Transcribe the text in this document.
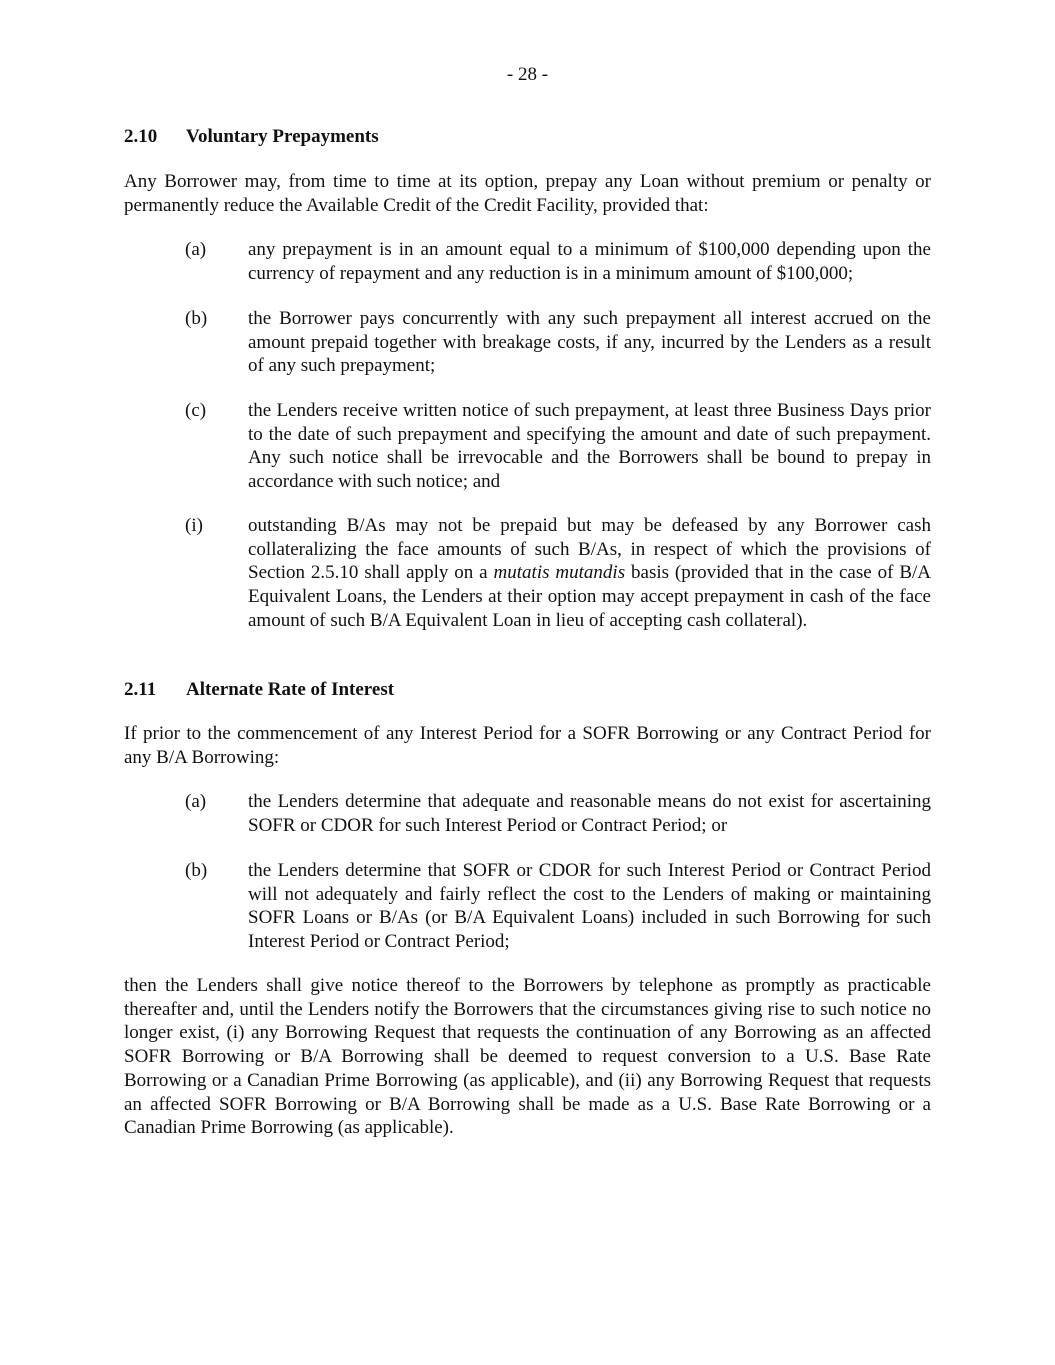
- 28 -
2.10 Voluntary Prepayments
Any Borrower may, from time to time at its option, prepay any Loan without premium or penalty or permanently reduce the Available Credit of the Credit Facility, provided that:
(a) any prepayment is in an amount equal to a minimum of $100,000 depending upon the currency of repayment and any reduction is in a minimum amount of $100,000;
(b) the Borrower pays concurrently with any such prepayment all interest accrued on the amount prepaid together with breakage costs, if any, incurred by the Lenders as a result of any such prepayment;
(c) the Lenders receive written notice of such prepayment, at least three Business Days prior to the date of such prepayment and specifying the amount and date of such prepayment. Any such notice shall be irrevocable and the Borrowers shall be bound to prepay in accordance with such notice; and
(i) outstanding B/As may not be prepaid but may be defeased by any Borrower cash collateralizing the face amounts of such B/As, in respect of which the provisions of Section 2.5.10 shall apply on a mutatis mutandis basis (provided that in the case of B/A Equivalent Loans, the Lenders at their option may accept prepayment in cash of the face amount of such B/A Equivalent Loan in lieu of accepting cash collateral).
2.11 Alternate Rate of Interest
If prior to the commencement of any Interest Period for a SOFR Borrowing or any Contract Period for any B/A Borrowing:
(a) the Lenders determine that adequate and reasonable means do not exist for ascertaining SOFR or CDOR for such Interest Period or Contract Period; or
(b) the Lenders determine that SOFR or CDOR for such Interest Period or Contract Period will not adequately and fairly reflect the cost to the Lenders of making or maintaining SOFR Loans or B/As (or B/A Equivalent Loans) included in such Borrowing for such Interest Period or Contract Period;
then the Lenders shall give notice thereof to the Borrowers by telephone as promptly as practicable thereafter and, until the Lenders notify the Borrowers that the circumstances giving rise to such notice no longer exist, (i) any Borrowing Request that requests the continuation of any Borrowing as an affected SOFR Borrowing or B/A Borrowing shall be deemed to request conversion to a U.S. Base Rate Borrowing or a Canadian Prime Borrowing (as applicable), and (ii) any Borrowing Request that requests an affected SOFR Borrowing or B/A Borrowing shall be made as a U.S. Base Rate Borrowing or a Canadian Prime Borrowing (as applicable).
